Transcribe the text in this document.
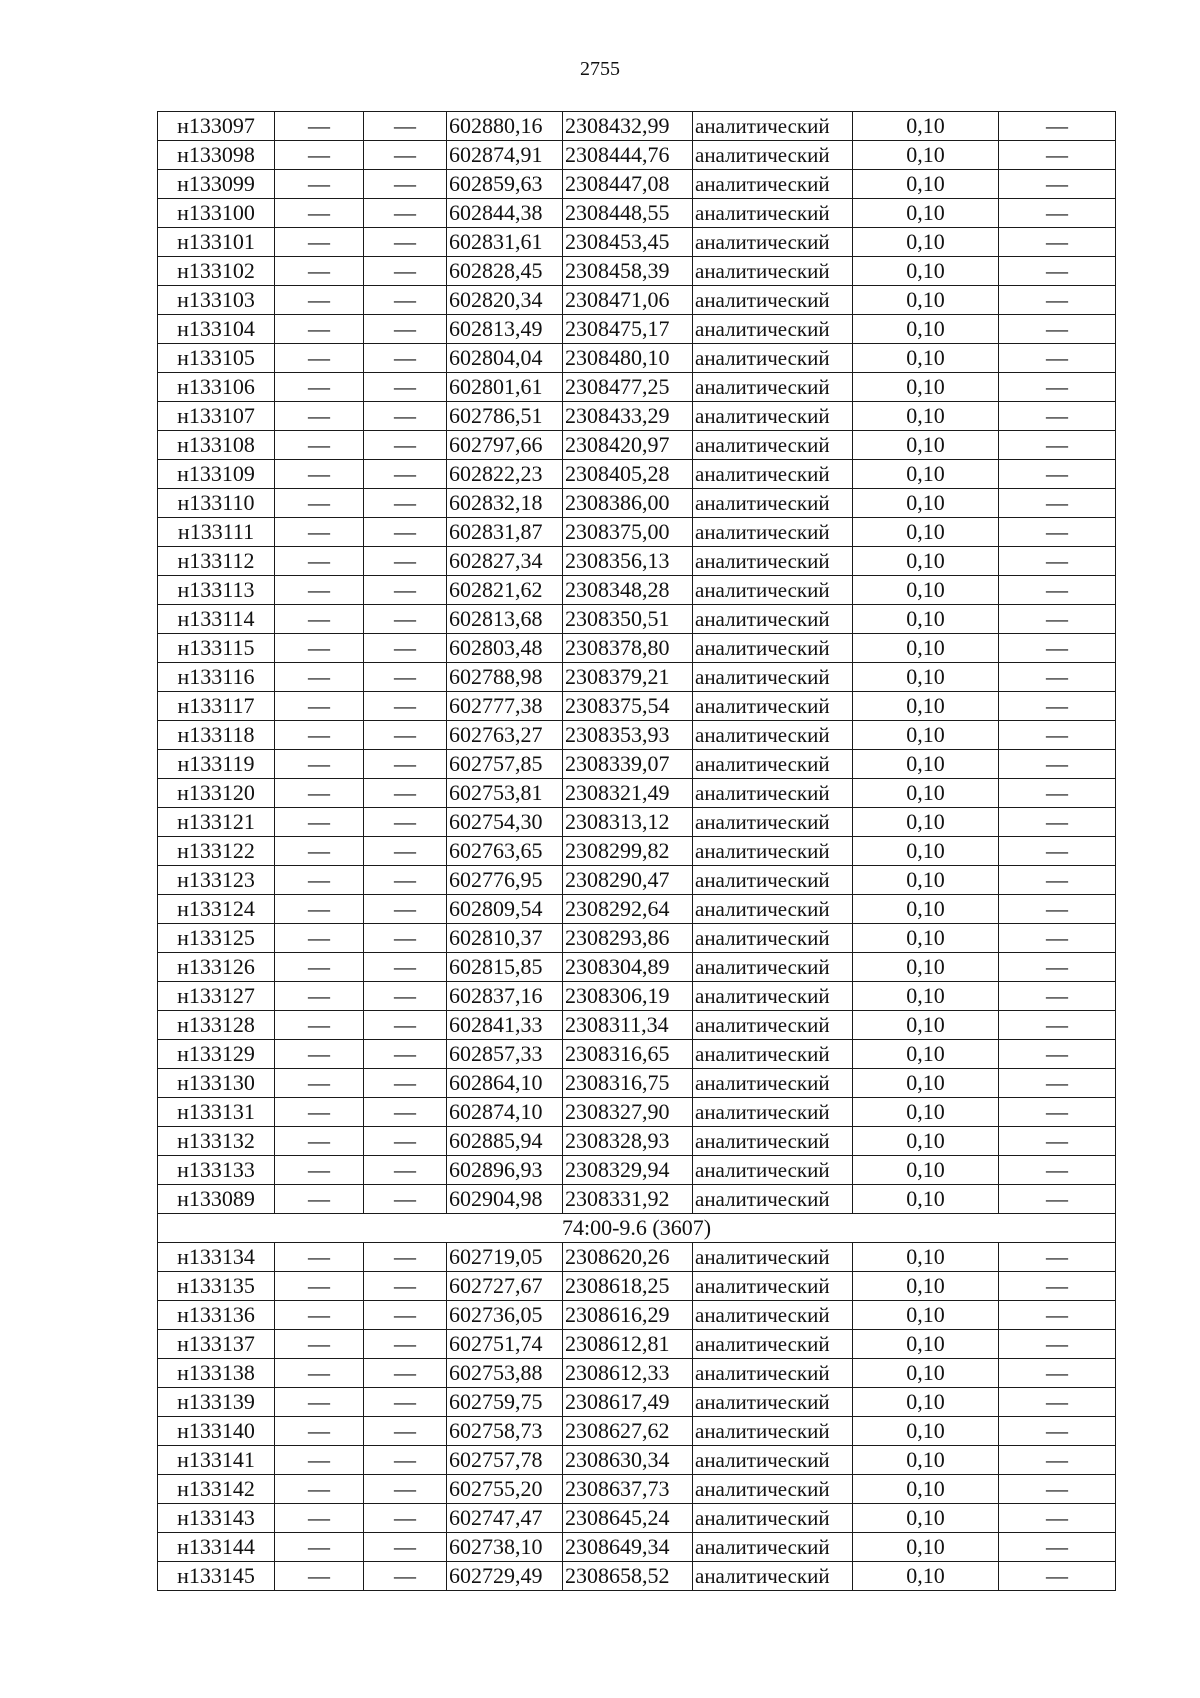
2755
н133097	—	—	602880,16	2308432,99	аналитический	0,10	—
н133098	—	—	602874,91	2308444,76	аналитический	0,10	—
н133099	—	—	602859,63	2308447,08	аналитический	0,10	—
н133100	—	—	602844,38	2308448,55	аналитический	0,10	—
н133101	—	—	602831,61	2308453,45	аналитический	0,10	—
н133102	—	—	602828,45	2308458,39	аналитический	0,10	—
н133103	—	—	602820,34	2308471,06	аналитический	0,10	—
н133104	—	—	602813,49	2308475,17	аналитический	0,10	—
н133105	—	—	602804,04	2308480,10	аналитический	0,10	—
н133106	—	—	602801,61	2308477,25	аналитический	0,10	—
н133107	—	—	602786,51	2308433,29	аналитический	0,10	—
н133108	—	—	602797,66	2308420,97	аналитический	0,10	—
н133109	—	—	602822,23	2308405,28	аналитический	0,10	—
н133110	—	—	602832,18	2308386,00	аналитический	0,10	—
н133111	—	—	602831,87	2308375,00	аналитический	0,10	—
н133112	—	—	602827,34	2308356,13	аналитический	0,10	—
н133113	—	—	602821,62	2308348,28	аналитический	0,10	—
н133114	—	—	602813,68	2308350,51	аналитический	0,10	—
н133115	—	—	602803,48	2308378,80	аналитический	0,10	—
н133116	—	—	602788,98	2308379,21	аналитический	0,10	—
н133117	—	—	602777,38	2308375,54	аналитический	0,10	—
н133118	—	—	602763,27	2308353,93	аналитический	0,10	—
н133119	—	—	602757,85	2308339,07	аналитический	0,10	—
н133120	—	—	602753,81	2308321,49	аналитический	0,10	—
н133121	—	—	602754,30	2308313,12	аналитический	0,10	—
н133122	—	—	602763,65	2308299,82	аналитический	0,10	—
н133123	—	—	602776,95	2308290,47	аналитический	0,10	—
н133124	—	—	602809,54	2308292,64	аналитический	0,10	—
н133125	—	—	602810,37	2308293,86	аналитический	0,10	—
н133126	—	—	602815,85	2308304,89	аналитический	0,10	—
н133127	—	—	602837,16	2308306,19	аналитический	0,10	—
н133128	—	—	602841,33	2308311,34	аналитический	0,10	—
н133129	—	—	602857,33	2308316,65	аналитический	0,10	—
н133130	—	—	602864,10	2308316,75	аналитический	0,10	—
н133131	—	—	602874,10	2308327,90	аналитический	0,10	—
н133132	—	—	602885,94	2308328,93	аналитический	0,10	—
н133133	—	—	602896,93	2308329,94	аналитический	0,10	—
н133089	—	—	602904,98	2308331,92	аналитический	0,10	—
74:00-9.6 (3607)							
н133134	—	—	602719,05	2308620,26	аналитический	0,10	—
н133135	—	—	602727,67	2308618,25	аналитический	0,10	—
н133136	—	—	602736,05	2308616,29	аналитический	0,10	—
н133137	—	—	602751,74	2308612,81	аналитический	0,10	—
н133138	—	—	602753,88	2308612,33	аналитический	0,10	—
н133139	—	—	602759,75	2308617,49	аналитический	0,10	—
н133140	—	—	602758,73	2308627,62	аналитический	0,10	—
н133141	—	—	602757,78	2308630,34	аналитический	0,10	—
н133142	—	—	602755,20	2308637,73	аналитический	0,10	—
н133143	—	—	602747,47	2308645,24	аналитический	0,10	—
н133144	—	—	602738,10	2308649,34	аналитический	0,10	—
н133145	—	—	602729,49	2308658,52	аналитический	0,10	—
